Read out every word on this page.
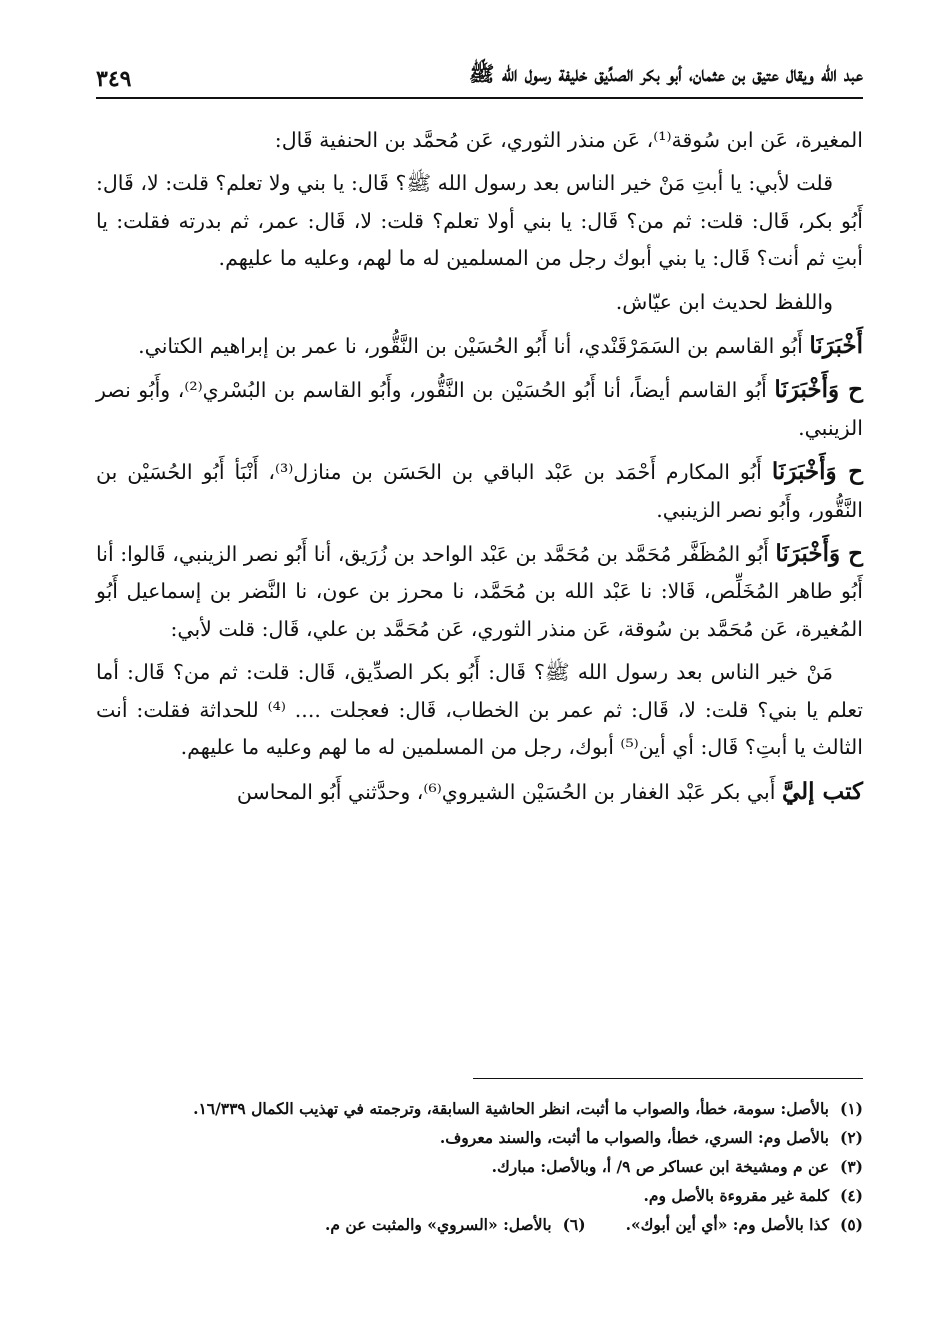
عبد الله ويقال عتيق بن عثمان، أبو بكر الصدِّيق خليفة رسول الله ﷺ
٣٤٩

المغيرة، عَن ابن سُوقة⁽¹⁾، عَن منذر الثوري، عَن مُحمَّد بن الحنفية قَال:

قلت لأبي: يا أبتِ مَنْ خير الناس بعد رسول الله ﷺ؟ قَال: يا بني ولا تعلم؟ قلت: لا، قَال: أَبُو بكر، قَال: قلت: ثم من؟ قَال: يا بني أولا تعلم؟ قلت: لا، قَال: عمر، ثم بدرته فقلت: يا أبتِ ثم أنت؟ قَال: يا بني أبوك رجل من المسلمين له ما لهم، وعليه ما عليهم.

واللفظ لحديث ابن عيّاش.

أَخْبَرَنَا أَبُو القاسم بن السَمَرْقَنْدي، أنا أَبُو الحُسَيْن بن النَّقُّور، نا عمر بن إبراهيم الكتاني.

ح وَأَخْبَرَنَا أَبُو القاسم أيضاً، أنا أَبُو الحُسَيْن بن النَّقُّور، وأَبُو القاسم بن البُسْري⁽²⁾، وأَبُو نصر الزينبي.

ح وَأَخْبَرَنَا أَبُو المكارم أَحْمَد بن عَبْد الباقي بن الحَسَن بن منازل⁽³⁾، أَنْبَأ أَبُو الحُسَيْن بن النَّقُّور، وأَبُو نصر الزينبي.

ح وَأَخْبَرَنَا أَبُو المُظَفَّر مُحَمَّد بن مُحَمَّد بن عَبْد الواحد بن زُرَيق، أنا أَبُو نصر الزينبي، قَالوا: أنا أَبُو طاهر المُخَلِّص، قَالا: نا عَبْد الله بن مُحَمَّد، نا محرز بن عون، نا النَّضر بن إسماعيل أَبُو المُغيرة، عَن مُحَمَّد بن سُوقة، عَن منذر الثوري، عَن مُحَمَّد بن علي، قَال: قلت لأبي:

مَنْ خير الناس بعد رسول الله ﷺ؟ قَال: أَبُو بكر الصدِّيق، قَال: قلت: ثم من؟ قَال: أما تعلم يا بني؟ قلت: لا، قَال: ثم عمر بن الخطاب، قَال: فعجلت .... ⁽⁴⁾ للحداثة فقلت: أنت الثالث يا أبتِ؟ قَال: أي أين⁽⁵⁾ أبوك، رجل من المسلمين له ما لهم وعليه ما عليهم.

كتب إليَّ أَبي بكر عَبْد الغفار بن الحُسَيْن الشيروي⁽⁶⁾، وحدَّثني أَبُو المحاسن

(١)
بالأصل: سومة، خطأ، والصواب ما أثبت، انظر الحاشية السابقة، وترجمته في تهذيب الكمال ١٦/٣٣٩.
(٢)
بالأصل وم: السري، خطأ، والصواب ما أثبت، والسند معروف.
(٣)
عن م ومشيخة ابن عساكر ص ٩/ أ، وبالأصل: مبارك.
(٤)
كلمة غير مقروءة بالأصل وم.
(٥)
كذا بالأصل وم: «أي أين أبوك».
(٦)
بالأصل: «السروي» والمثبت عن م.
